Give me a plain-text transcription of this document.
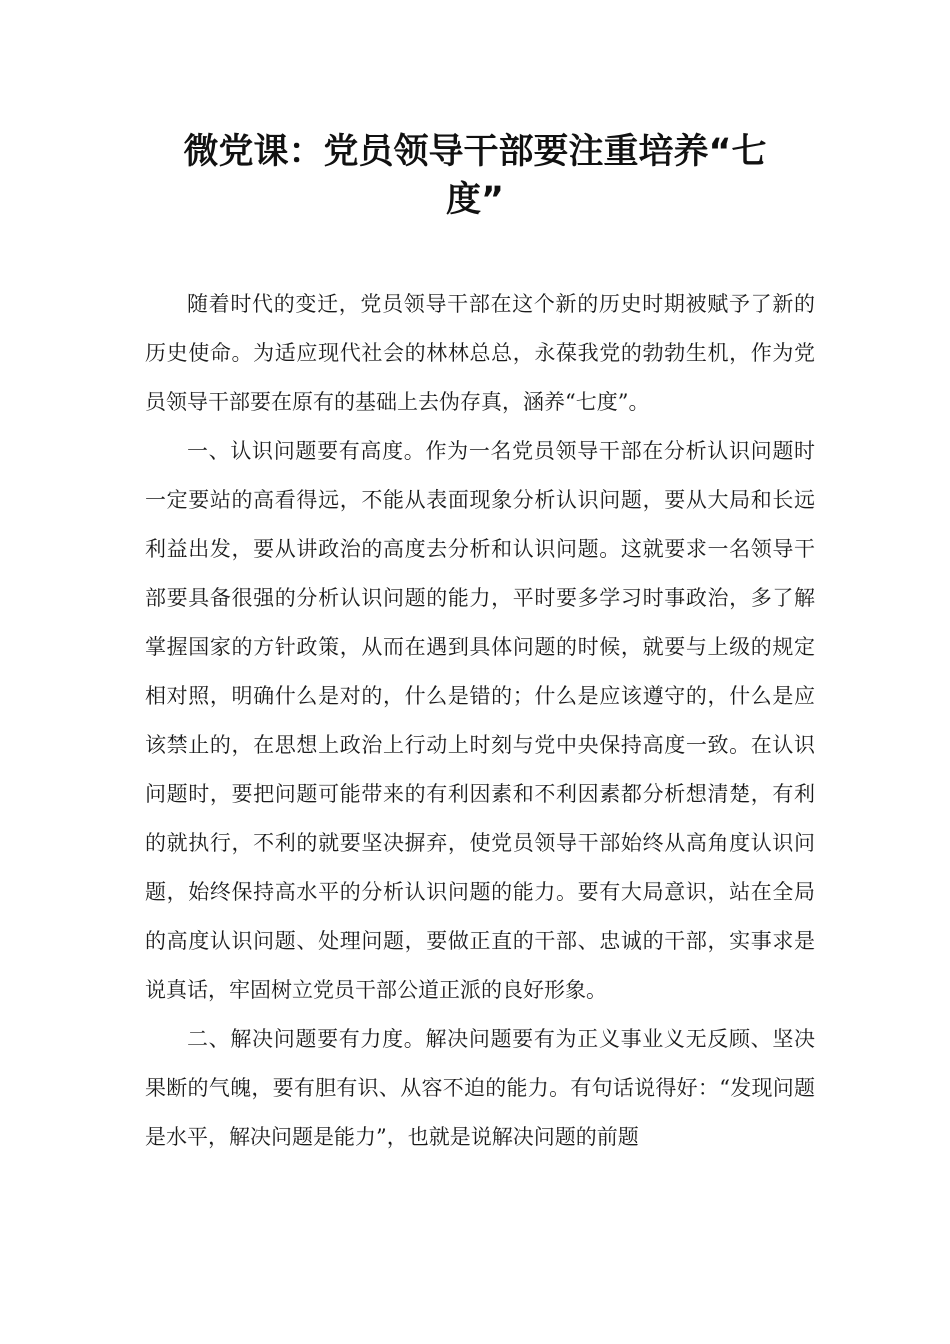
微党课：党员领导干部要注重培养“七
度”

随着时代的变迁，党员领导干部在这个新的历史时期被赋予了新的历史使命。为适应现代社会的林林总总，永葆我党的勃勃生机，作为党员领导干部要在原有的基础上去伪存真，涵养“七度”。

一、认识问题要有高度。作为一名党员领导干部在分析认识问题时一定要站的高看得远，不能从表面现象分析认识问题，要从大局和长远利益出发，要从讲政治的高度去分析和认识问题。这就要求一名领导干部要具备很强的分析认识问题的能力，平时要多学习时事政治，多了解掌握国家的方针政策，从而在遇到具体问题的时候，就要与上级的规定相对照，明确什么是对的，什么是错的；什么是应该遵守的，什么是应该禁止的，在思想上政治上行动上时刻与党中央保持高度一致。在认识问题时，要把问题可能带来的有利因素和不利因素都分析想清楚，有利的就执行，不利的就要坚决摒弃，使党员领导干部始终从高角度认识问题，始终保持高水平的分析认识问题的能力。要有大局意识，站在全局的高度认识问题、处理问题，要做正直的干部、忠诚的干部，实事求是说真话，牢固树立党员干部公道正派的良好形象。

二、解决问题要有力度。解决问题要有为正义事业义无反顾、坚决果断的气魄，要有胆有识、从容不迫的能力。有句话说得好：“发现问题是水平，解决问题是能力”，也就是说解决问题的前题
